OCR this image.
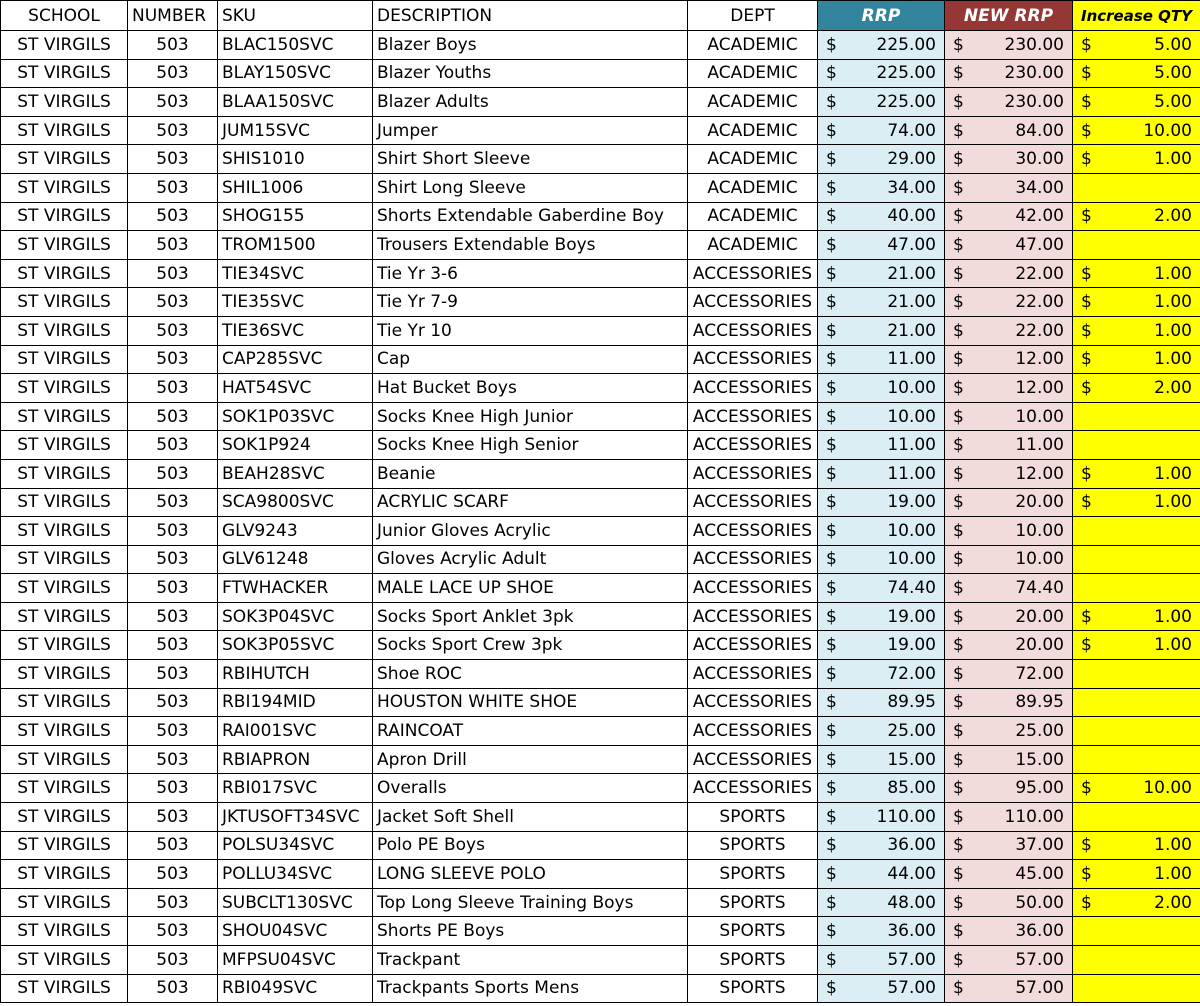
SCHOOL	NUMBER	SKU	DESCRIPTION	DEPT	RRP	NEW RRP	Increase QTY
ST VIRGILS	503	BLAC150SVC	Blazer Boys	ACADEMIC	$ 225.00	$ 230.00	$ 5.00

ST VIRGILS	503	BLAY150SVC	Blazer Youths	ACADEMIC	$ 225.00	$ 230.00	$ 5.00

ST VIRGILS	503	BLAA150SVC	Blazer Adults	ACADEMIC	$ 225.00	$ 230.00	$ 5.00

ST VIRGILS	503	JUM15SVC	Jumper	ACADEMIC	$ 74.00	$ 84.00	$ 10.00

ST VIRGILS	503	SHIS1010	Shirt Short Sleeve	ACADEMIC	$ 29.00	$ 30.00	$ 1.00

ST VIRGILS	503	SHIL1006	Shirt Long Sleeve	ACADEMIC	$ 34.00	$ 34.00	

ST VIRGILS	503	SHOG155	Shorts Extendable Gaberdine Boy	ACADEMIC	$ 40.00	$ 42.00	$ 2.00

ST VIRGILS	503	TROM1500	Trousers Extendable Boys	ACADEMIC	$ 47.00	$ 47.00	

ST VIRGILS	503	TIE34SVC	Tie Yr 3-6	ACCESSORIES	$ 21.00	$ 22.00	$ 1.00

ST VIRGILS	503	TIE35SVC	Tie Yr 7-9	ACCESSORIES	$ 21.00	$ 22.00	$ 1.00

ST VIRGILS	503	TIE36SVC	Tie Yr 10	ACCESSORIES	$ 21.00	$ 22.00	$ 1.00

ST VIRGILS	503	CAP285SVC	Cap	ACCESSORIES	$ 11.00	$ 12.00	$ 1.00

ST VIRGILS	503	HAT54SVC	Hat Bucket Boys	ACCESSORIES	$ 10.00	$ 12.00	$ 2.00

ST VIRGILS	503	SOK1P03SVC	Socks Knee High Junior	ACCESSORIES	$ 10.00	$ 10.00	

ST VIRGILS	503	SOK1P924	Socks Knee High Senior	ACCESSORIES	$ 11.00	$ 11.00	

ST VIRGILS	503	BEAH28SVC	Beanie	ACCESSORIES	$ 11.00	$ 12.00	$ 1.00

ST VIRGILS	503	SCA9800SVC	ACRYLIC SCARF	ACCESSORIES	$ 19.00	$ 20.00	$ 1.00

ST VIRGILS	503	GLV9243	Junior Gloves Acrylic	ACCESSORIES	$ 10.00	$ 10.00	

ST VIRGILS	503	GLV61248	Gloves Acrylic Adult	ACCESSORIES	$ 10.00	$ 10.00	

ST VIRGILS	503	FTWHACKER	MALE LACE UP SHOE	ACCESSORIES	$ 74.40	$ 74.40	

ST VIRGILS	503	SOK3P04SVC	Socks Sport Anklet 3pk	ACCESSORIES	$ 19.00	$ 20.00	$ 1.00

ST VIRGILS	503	SOK3P05SVC	Socks Sport Crew 3pk	ACCESSORIES	$ 19.00	$ 20.00	$ 1.00

ST VIRGILS	503	RBIHUTCH	Shoe ROC	ACCESSORIES	$ 72.00	$ 72.00	

ST VIRGILS	503	RBI194MID	HOUSTON WHITE SHOE	ACCESSORIES	$ 89.95	$ 89.95	

ST VIRGILS	503	RAI001SVC	RAINCOAT	ACCESSORIES	$ 25.00	$ 25.00	

ST VIRGILS	503	RBIAPRON	Apron Drill	ACCESSORIES	$ 15.00	$ 15.00	

ST VIRGILS	503	RBI017SVC	Overalls	ACCESSORIES	$ 85.00	$ 95.00	$ 10.00

ST VIRGILS	503	JKTUSOFT34SVC	Jacket Soft Shell	SPORTS	$ 110.00	$ 110.00	

ST VIRGILS	503	POLSU34SVC	Polo PE Boys	SPORTS	$ 36.00	$ 37.00	$ 1.00

ST VIRGILS	503	POLLU34SVC	LONG SLEEVE POLO	SPORTS	$ 44.00	$ 45.00	$ 1.00

ST VIRGILS	503	SUBCLT130SVC	Top Long Sleeve Training Boys	SPORTS	$ 48.00	$ 50.00	$ 2.00

ST VIRGILS	503	SHOU04SVC	Shorts PE Boys	SPORTS	$ 36.00	$ 36.00	

ST VIRGILS	503	MFPSU04SVC	Trackpant	SPORTS	$ 57.00	$ 57.00	

ST VIRGILS	503	RBI049SVC	Trackpants Sports Mens	SPORTS	$ 57.00	$ 57.00	
